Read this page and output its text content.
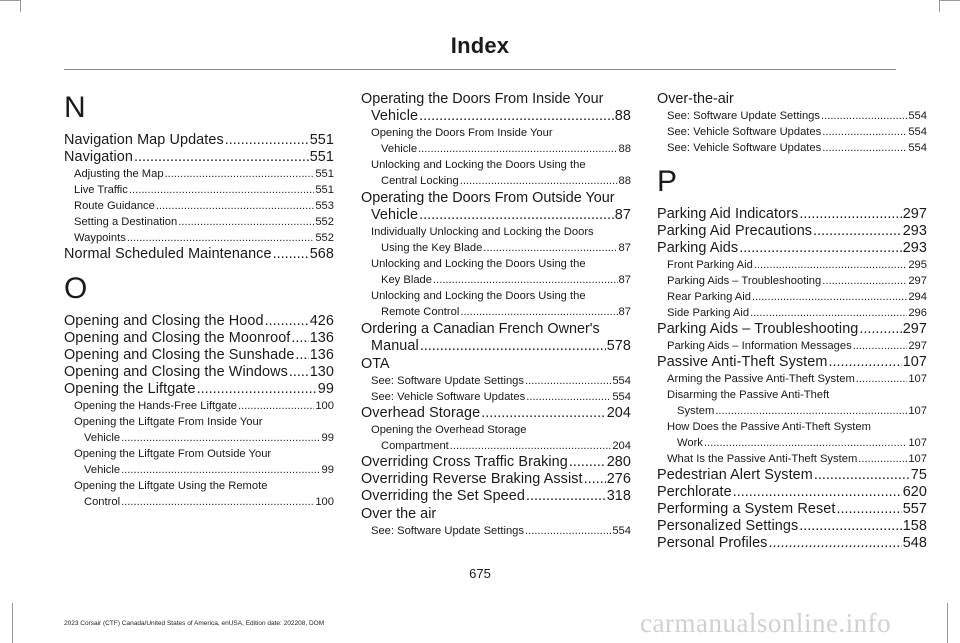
Index
N
Navigation Map Updates .....	551
Navigation .....	551
Adjusting the Map .....	551
Live Traffic .....	551
Route Guidance .....	553
Setting a Destination .....	552
Waypoints .....	552
Normal Scheduled Maintenance .....	568
O
Opening and Closing the Hood .....	426
Opening and Closing the Moonroof ..... 136
Opening and Closing the Sunshade ..... 136
Opening and Closing the Windows ..... 130
Opening the Liftgate .....	99
Opening the Hands-Free Liftgate .....	100
Opening the Liftgate From Inside Your
Vehicle .....	99
Opening the Liftgate From Outside Your
Vehicle .....	99
Opening the Liftgate Using the Remote
Control .....	100
Operating the Doors From Inside Your
Vehicle .....	88
Opening the Doors From Inside Your
Vehicle .....	88
Unlocking and Locking the Doors Using the
Central Locking .....	88
Operating the Doors From Outside Your
Vehicle .....	87
Individually Unlocking and Locking the Doors
Using the Key Blade .....	87
Unlocking and Locking the Doors Using the
Key Blade .....	87
Unlocking and Locking the Doors Using the
Remote Control .....	87
Ordering a Canadian French Owner's
Manual .....	578
OTA
See: Software Update Settings .....	554
See: Vehicle Software Updates .....	554
Overhead Storage .....	204
Opening the Overhead Storage
Compartment .....	204
Overriding Cross Traffic Braking .....	280
Overriding Reverse Braking Assist ..... 276
Overriding the Set Speed .....	318
Over the air
See: Software Update Settings .....	554
Over-the-air
See: Software Update Settings .....	554
See: Vehicle Software Updates .....	554
See: Vehicle Software Updates .....	554
P
Parking Aid Indicators .....	297
Parking Aid Precautions .....	293
Parking Aids .....	293
Front Parking Aid .....	295
Parking Aids – Troubleshooting .....	297
Rear Parking Aid .....	294
Side Parking Aid .....	296
Parking Aids – Troubleshooting .....	297
Parking Aids – Information Messages .....	297
Passive Anti-Theft System .....	107
Arming the Passive Anti-Theft System .....	107
Disarming the Passive Anti-Theft
System .....	107
How Does the Passive Anti-Theft System
Work .....	107
What Is the Passive Anti-Theft System .....	107
Pedestrian Alert System .....	75
Perchlorate .....	620
Performing a System Reset .....	557
Personalized Settings .....	158
Personal Profiles .....	548
675
2023 Corsair (CTF) Canada/United States of America, enUSA, Edition date: 202208, DOM	carmanualsonline.info
